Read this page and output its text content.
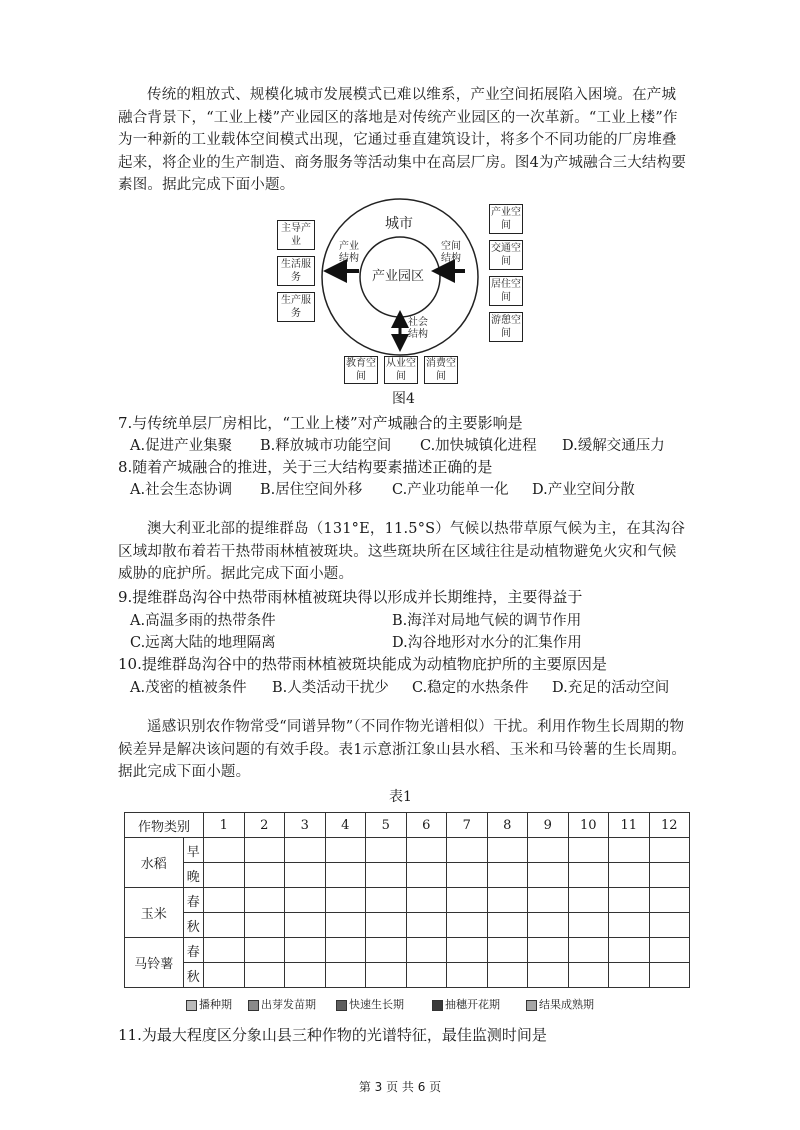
传统的粗放式、规模化城市发展模式已难以维系，产业空间拓展陷入困境。在产城融合背景下，“工业上楼”产业园区的落地是对传统产业园区的一次革新。“工业上楼”作为一种新的工业载体空间模式出现，它通过垂直建筑设计，将多个不同功能的厂房堆叠起来，将企业的生产制造、商务服务等活动集中在高层厂房。图4为产城融合三大结构要素图。据此完成下面小题。
城市
产业园区
产业结构
空间结构
社会结构
主导产业
生活服务
生产服务
产业空间
交通空间
居住空间
游憩空间
教育空间
从业空间
消费空间
图4
7.与传统单层厂房相比，“工业上楼”对产城融合的主要影响是
A.促进产业集聚 B.释放城市功能空间 C.加快城镇化进程 D.缓解交通压力
8.随着产城融合的推进，关于三大结构要素描述正确的是
A.社会生态协调 B.居住空间外移 C.产业功能单一化 D.产业空间分散
澳大利亚北部的提维群岛（131°E，11.5°S）气候以热带草原气候为主，在其沟谷区域却散布着若干热带雨林植被斑块。这些斑块所在区域往往是动植物避免火灾和气候威胁的庇护所。据此完成下面小题。
9.提维群岛沟谷中热带雨林植被斑块得以形成并长期维持，主要得益于
A.高温多雨的热带条件	B.海洋对局地气候的调节作用
C.远离大陆的地理隔离	D.沟谷地形对水分的汇集作用
10.提维群岛沟谷中的热带雨林植被斑块能成为动植物庇护所的主要原因是
A.茂密的植被条件 B.人类活动干扰少 C.稳定的水热条件 D.充足的活动空间
遥感识别农作物常受“同谱异物”（不同作物光谱相似）干扰。利用作物生长周期的物候差异是解决该问题的有效手段。表1示意浙江象山县水稻、玉米和马铃薯的生长周期。据此完成下面小题。
表1
作物类别		1	2	3	4	5	6	7	8	9	10	11	12
水稻	早												
	晚												
玉米	春												
	秋												
马铃薯	春												
	秋												
播种期	出芽发苗期	快速生长期	抽穗开花期	结果成熟期
11.为最大程度区分象山县三种作物的光谱特征，最佳监测时间是
第 3 页 共 6 页
